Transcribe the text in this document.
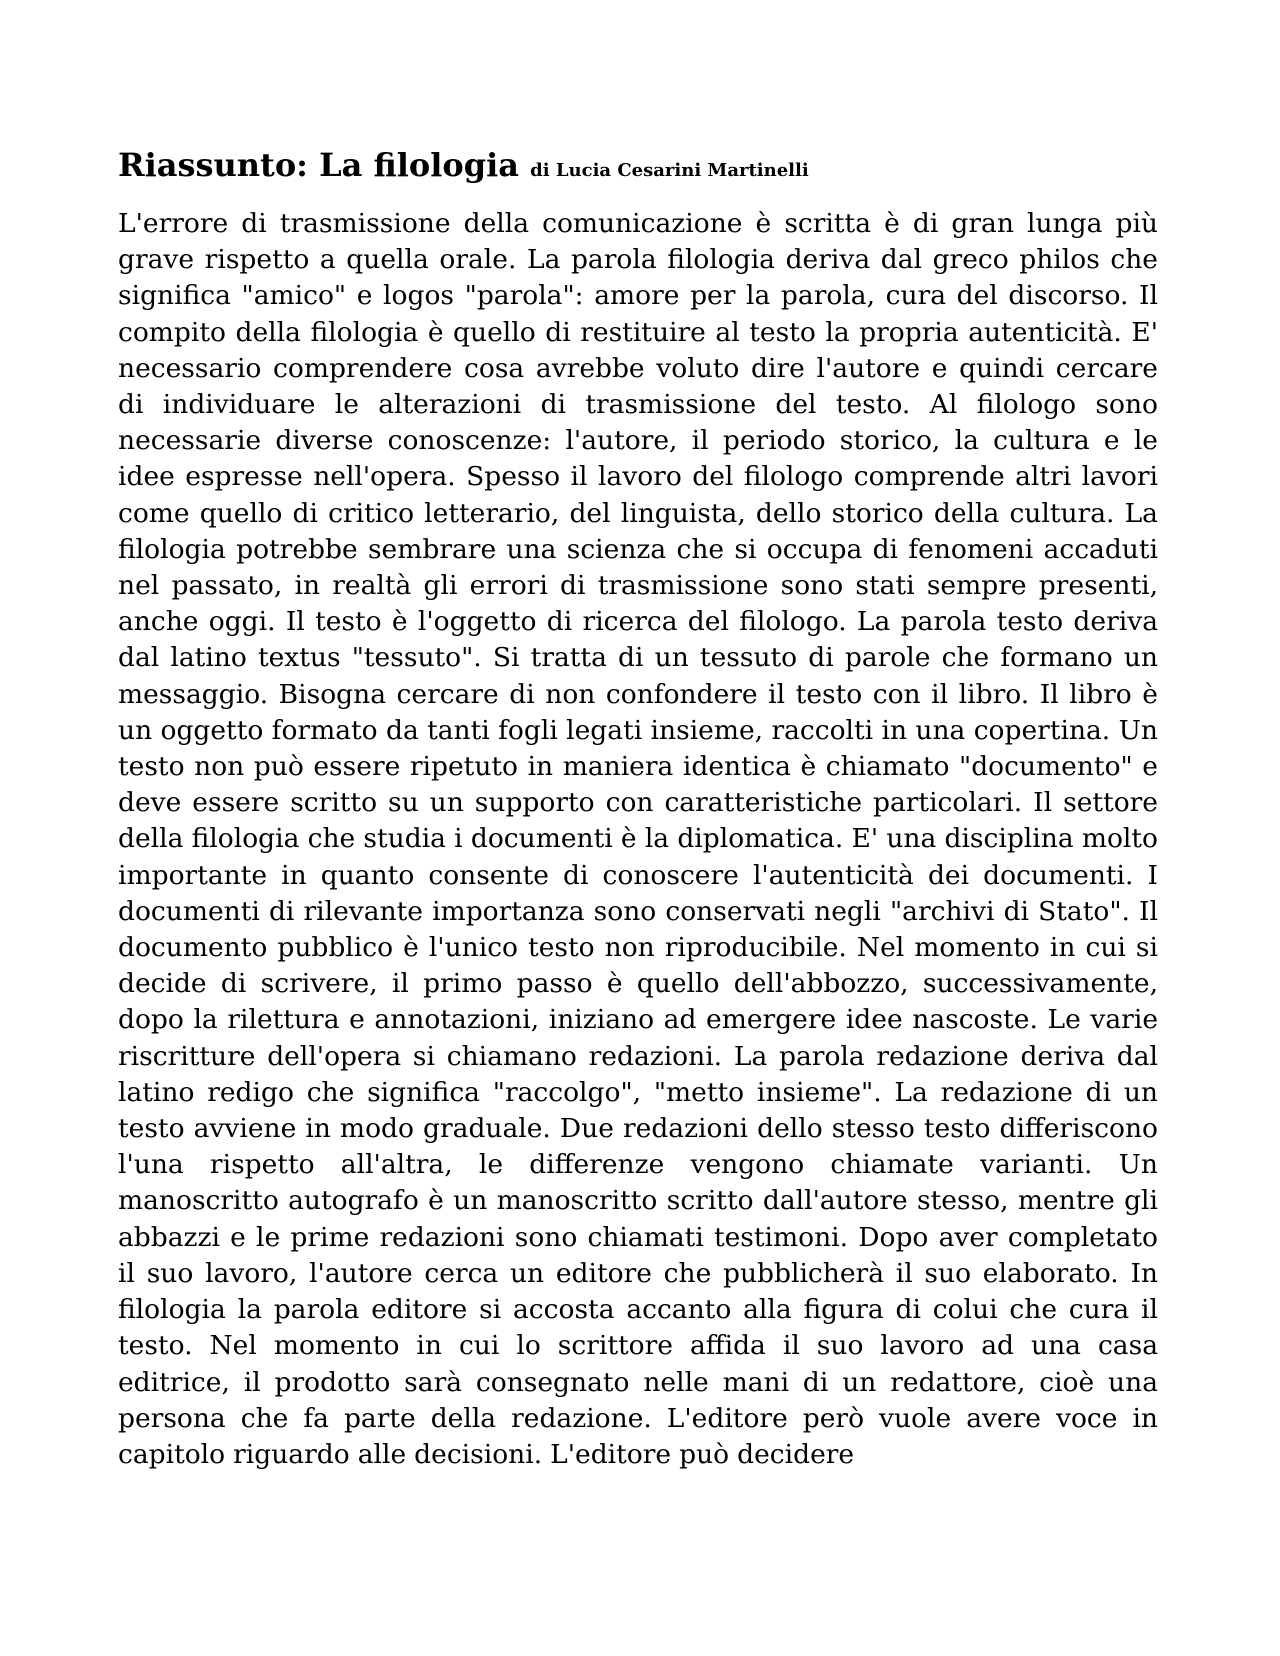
Riassunto: La filologia di Lucia Cesarini Martinelli

L'errore di trasmissione della comunicazione è scritta è di gran lunga più grave rispetto a quella orale. La parola filologia deriva dal greco philos che significa "amico" e logos "parola": amore per la parola, cura del discorso. Il compito della filologia è quello di restituire al testo la propria autenticità. E' necessario comprendere cosa avrebbe voluto dire l'autore e quindi cercare di individuare le alterazioni di trasmissione del testo. Al filologo sono necessarie diverse conoscenze: l'autore, il periodo storico, la cultura e le idee espresse nell'opera. Spesso il lavoro del filologo comprende altri lavori come quello di critico letterario, del linguista, dello storico della cultura. La filologia potrebbe sembrare una scienza che si occupa di fenomeni accaduti nel passato, in realtà gli errori di trasmissione sono stati sempre presenti, anche oggi. Il testo è l'oggetto di ricerca del filologo. La parola testo deriva dal latino textus "tessuto". Si tratta di un tessuto di parole che formano un messaggio. Bisogna cercare di non confondere il testo con il libro. Il libro è un oggetto formato da tanti fogli legati insieme, raccolti in una copertina. Un testo non può essere ripetuto in maniera identica è chiamato "documento" e deve essere scritto su un supporto con caratteristiche particolari. Il settore della filologia che studia i documenti è la diplomatica. E' una disciplina molto importante in quanto consente di conoscere l'autenticità dei documenti. I documenti di rilevante importanza sono conservati negli "archivi di Stato". Il documento pubblico è l'unico testo non riproducibile. Nel momento in cui si decide di scrivere, il primo passo è quello dell'abbozzo, successivamente, dopo la rilettura e annotazioni, iniziano ad emergere idee nascoste. Le varie riscritture dell'opera si chiamano redazioni. La parola redazione deriva dal latino redigo che significa "raccolgo", "metto insieme". La redazione di un testo avviene in modo graduale. Due redazioni dello stesso testo differiscono l'una rispetto all'altra, le differenze vengono chiamate varianti. Un manoscritto autografo è un manoscritto scritto dall'autore stesso, mentre gli abbazzi e le prime redazioni sono chiamati testimoni. Dopo aver completato il suo lavoro, l'autore cerca un editore che pubblicherà il suo elaborato. In filologia la parola editore si accosta accanto alla figura di colui che cura il testo. Nel momento in cui lo scrittore affida il suo lavoro ad una casa editrice, il prodotto sarà consegnato nelle mani di un redattore, cioè una persona che fa parte della redazione. L'editore però vuole avere voce in capitolo riguardo alle decisioni. L'editore può decidere
